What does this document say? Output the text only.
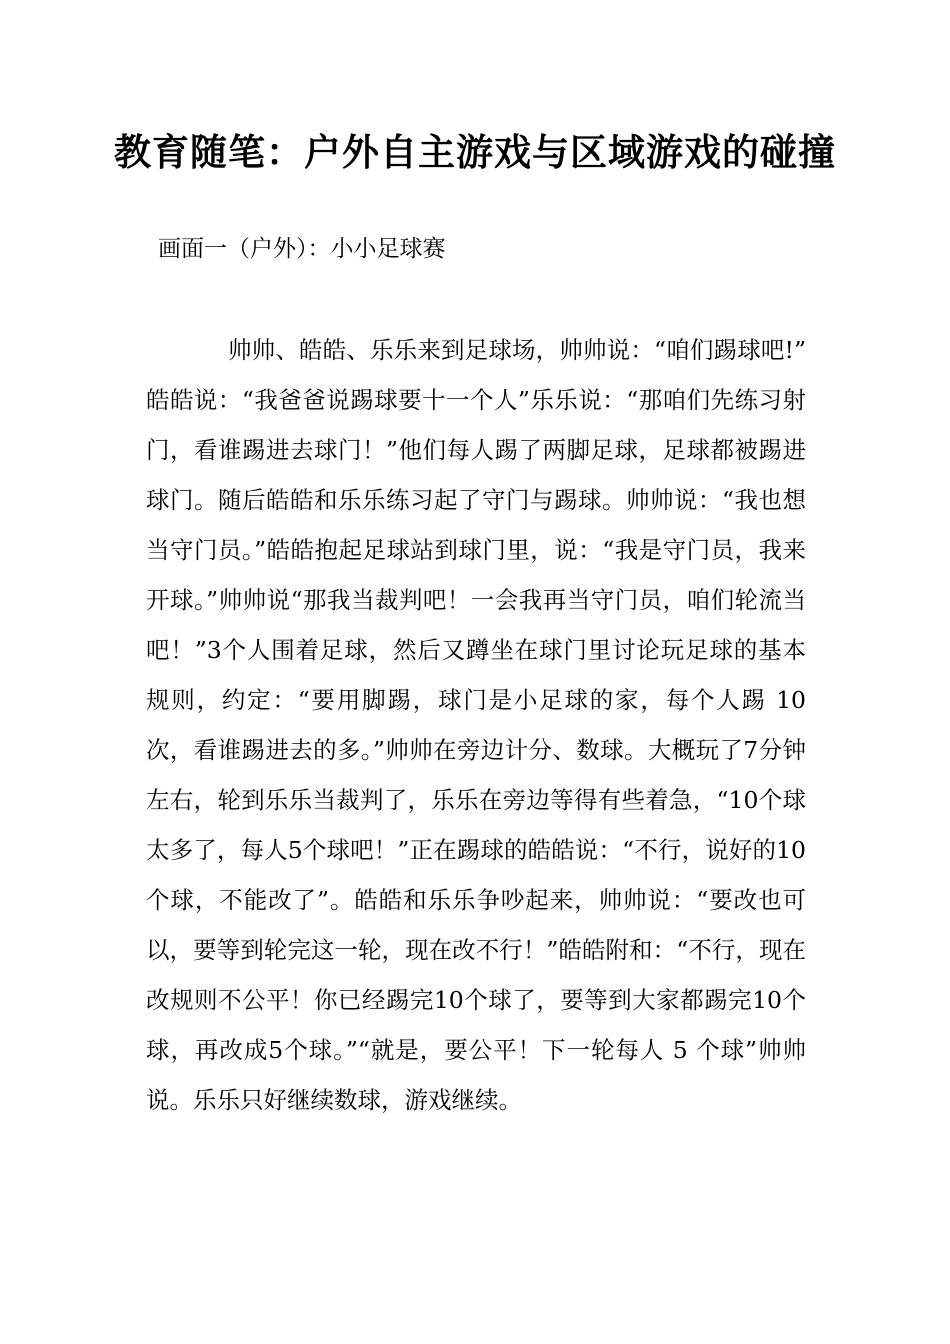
教育随笔：户外自主游戏与区域游戏的碰撞

画面一（户外）：小小足球赛

帅帅、皓皓、乐乐来到足球场，帅帅说：“咱们踢球吧!” 皓皓说：“我爸爸说踢球要十一个人”乐乐说：“那咱们先练习射门，看谁踢进去球门！”他们每人踢了两脚足球，足球都被踢进球门。随后皓皓和乐乐练习起了守门与踢球。帅帅说：“我也想当守门员。”皓皓抱起足球站到球门里，说：“我是守门员，我来开球。”帅帅说“那我当裁判吧！一会我再当守门员，咱们轮流当吧！”3个人围着足球，然后又蹲坐在球门里讨论玩足球的基本规则，约定：“要用脚踢，球门是小足球的家，每个人踢 10次，看谁踢进去的多。”帅帅在旁边计分、数球。大概玩了7分钟左右，轮到乐乐当裁判了，乐乐在旁边等得有些着急，“10个球太多了，每人5个球吧！”正在踢球的皓皓说：“不行，说好的10个球，不能改了”。皓皓和乐乐争吵起来，帅帅说：“要改也可以，要等到轮完这一轮，现在改不行！”皓皓附和：“不行，现在改规则不公平！你已经踢完10个球了，要等到大家都踢完10个球，再改成5个球。”“就是，要公平！下一轮每人 5 个球”帅帅说。乐乐只好继续数球，游戏继续。
